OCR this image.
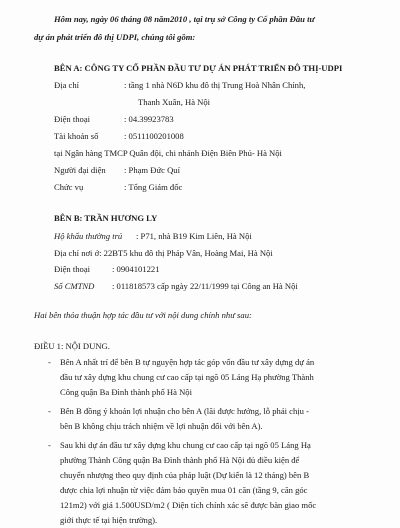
Hôm nay, ngày 06 tháng 08 năm2010 , tại trụ sở Công ty Cổ phần Đầu tư
dự án phát triển đô thị UDPI, chúng tôi gồm:
BÊN A: CÔNG TY CỔ PHẦN ĐẦU TƯ DỰ ÁN PHÁT TRIỂN ĐÔ THỊ-UDPI
Địa chỉ	: tầng 1 nhà N6D khu đô thị Trung Hoà Nhân Chính,
Thanh Xuân, Hà Nội
Điện thoại	: 04.39923783
Tài khoản số	: 0511100201008
tại Ngân hàng TMCP Quân đội, chi nhánh Điện Biên Phủ- Hà Nội
Người đại diện : Phạm Đức Quí
Chức vụ	: Tổng Giám đốc
BÊN B: TRẦN HƯƠNG LY
Hộ khẩu thường trú : P71, nhà B19 Kim Liên, Hà Nội
Địa chỉ nơi ở: 22BT5 khu đô thị Pháp Vân, Hoàng Mai, Hà Nội
Điện thoại	: 0904101221
Số CMTND : 011818573 cấp ngày 22/11/1999 tại Công an Hà Nội
Hai bên thỏa thuận hợp tác đầu tư với nội dung chính như sau:
ĐIỀU 1: NỘI DUNG.
- Bên A nhất trí để bên B tự nguyện hợp tác góp vốn đầu tư xây dựng dự án
đầu tư xây dựng khu chung cư cao cấp tại ngõ 05 Láng Hạ phường Thành
Công quận Ba Đình thành phố Hà Nội
- Bên B đồng ý khoản lợi nhuận cho bên A (lãi được hưởng, lỗ phải chịu -
bên B không chịu trách nhiệm về lợi nhuận đối với bên A).
- Sau khi dự án đầu tư xây dựng khu chung cư cao cấp tại ngõ 05 Láng Hạ
phường Thành Công quận Ba Đình thành phố Hà Nội đủ điều kiện để
chuyển nhượng theo quy định của pháp luật (Dự kiến là 12 tháng) bên B
được chia lợi nhuận từ việc đảm bảo quyền mua 01 căn (tầng 9, căn góc
121m2) với giá 1.500USD/m2 ( Diện tích chính xác sẽ được bàn giao mốc
giới thực tế tại hiện trường).
